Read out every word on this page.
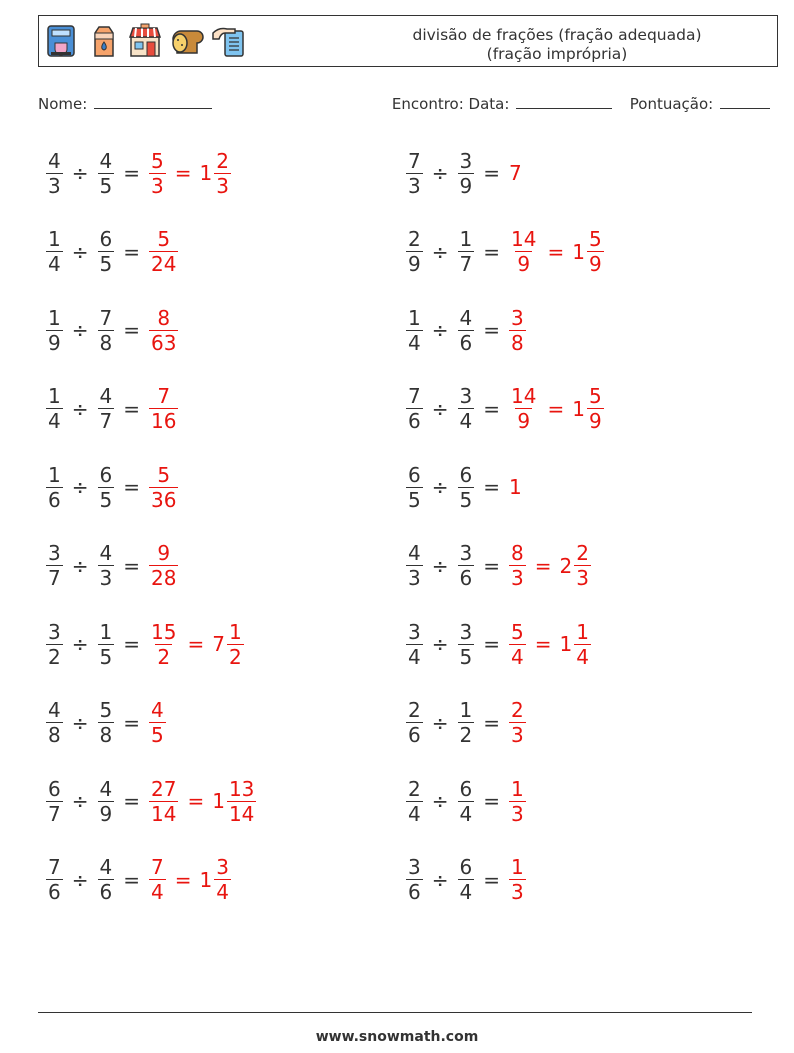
divisão de frações (fração adequada)
(fração imprópria)
Nome:	Encontro: Data:	Pontuação:
$\frac{4}{3} \div \frac{4}{5} = \frac{5}{3} = 1 \frac{2}{3}$
$\frac{1}{4} \div \frac{6}{5} = \frac{5}{24}$
$\frac{1}{9} \div \frac{7}{8} = \frac{8}{63}$
$\frac{1}{4} \div \frac{4}{7} = \frac{7}{16}$
$\frac{1}{6} \div \frac{6}{5} = \frac{5}{36}$
$\frac{3}{7} \div \frac{4}{3} = \frac{9}{28}$
$\frac{3}{2} \div \frac{1}{5} = \frac{15}{2} = 7 \frac{1}{2}$
$\frac{4}{8} \div \frac{5}{8} = \frac{4}{5}$
$\frac{6}{7} \div \frac{4}{9} = \frac{27}{14} = 1 \frac{13}{14}$
$\frac{7}{6} \div \frac{4}{6} = \frac{7}{4} = 1 \frac{3}{4}$
$\frac{7}{3} \div \frac{3}{9} = 7$
$\frac{2}{9} \div \frac{1}{7} = \frac{14}{9} = 1 \frac{5}{9}$
$\frac{1}{4} \div \frac{4}{6} = \frac{3}{8}$
$\frac{7}{6} \div \frac{3}{4} = \frac{14}{9} = 1 \frac{5}{9}$
$\frac{6}{5} \div \frac{6}{5} = 1$
$\frac{4}{3} \div \frac{3}{6} = \frac{8}{3} = 2 \frac{2}{3}$
$\frac{3}{4} \div \frac{3}{5} = \frac{5}{4} = 1 \frac{1}{4}$
$\frac{2}{6} \div \frac{1}{2} = \frac{2}{3}$
$\frac{2}{4} \div \frac{6}{4} = \frac{1}{3}$
$\frac{3}{6} \div \frac{6}{4} = \frac{1}{3}$
www.snowmath.com
